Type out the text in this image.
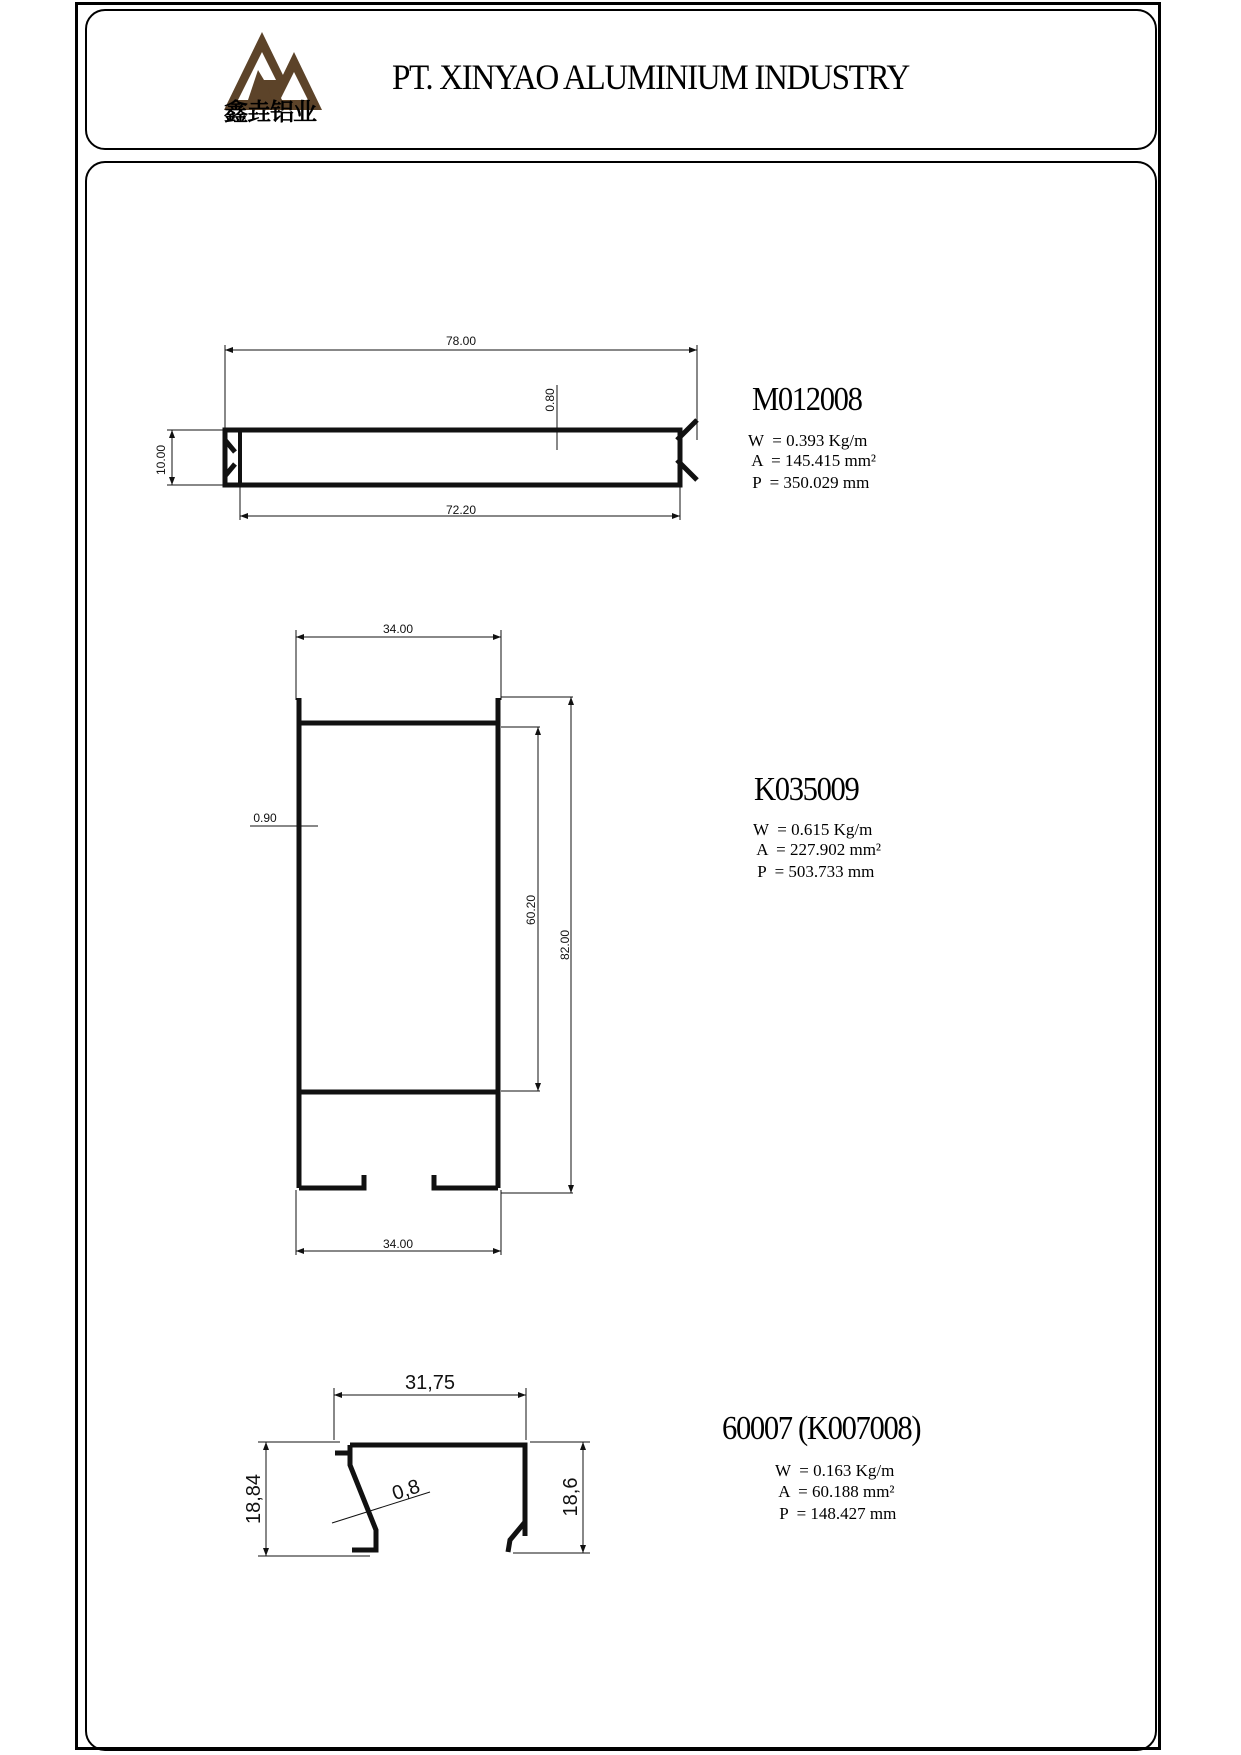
鑫垚铝业
PT. XINYAO ALUMINIUM INDUSTRY
78.00
72.20
10.00
0.80
34.00
34.00
0.90
60.20
82.00
31,75
18,84	18,6
0,8
M012008
W  = 0.393 Kg/m
A  = 145.415 mm²
P  = 350.029 mm
K035009
W  = 0.615 Kg/m
A  = 227.902 mm²
P  = 503.733 mm
60007 (K007008)
W  = 0.163 Kg/m
A  = 60.188 mm²
P  = 148.427 mm
